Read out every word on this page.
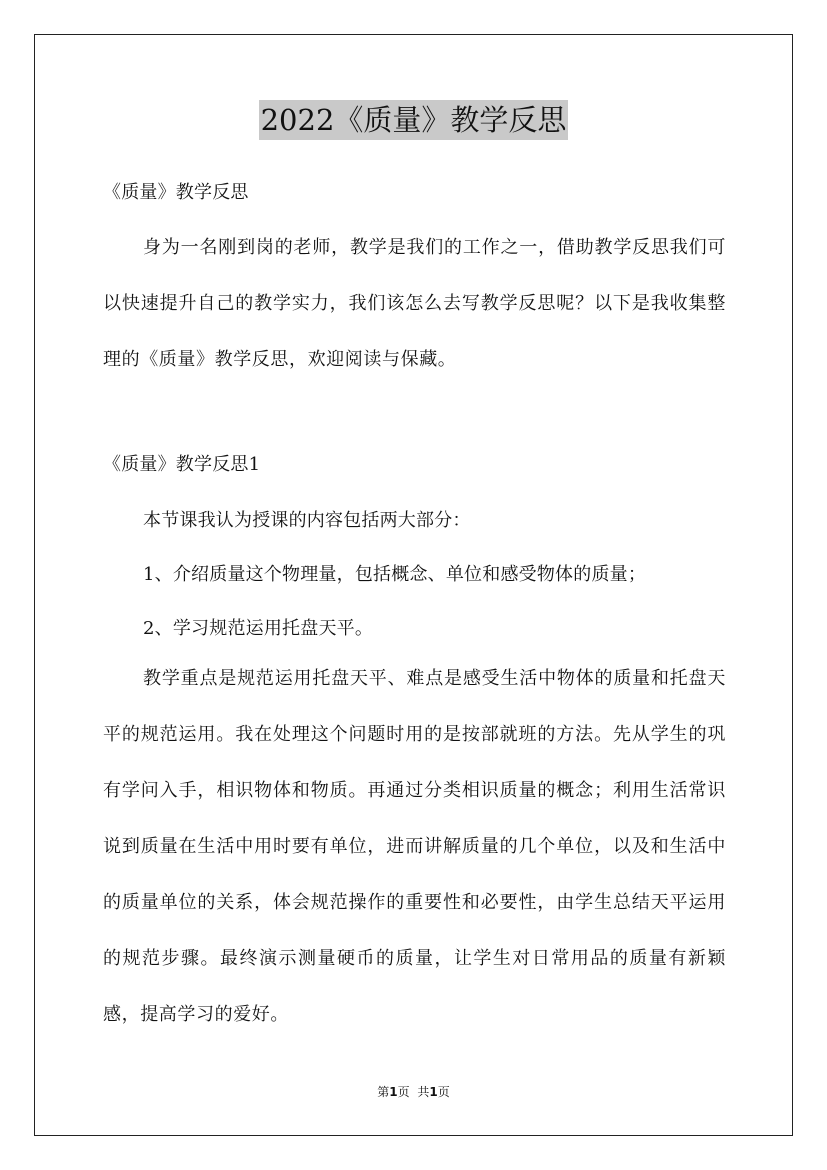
2022《质量》教学反思
《质量》教学反思
身为一名刚到岗的老师，教学是我们的工作之一，借助教学反思我们可以快速提升自己的教学实力，我们该怎么去写教学反思呢？以下是我收集整理的《质量》教学反思，欢迎阅读与保藏。
《质量》教学反思1
本节课我认为授课的内容包括两大部分：
1、介绍质量这个物理量，包括概念、单位和感受物体的质量；
2、学习规范运用托盘天平。
教学重点是规范运用托盘天平、难点是感受生活中物体的质量和托盘天平的规范运用。我在处理这个问题时用的是按部就班的方法。先从学生的巩有学问入手，相识物体和物质。再通过分类相识质量的概念；利用生活常识说到质量在生活中用时要有单位，进而讲解质量的几个单位，以及和生活中的质量单位的关系，体会规范操作的重要性和必要性，由学生总结天平运用的规范步骤。最终演示测量硬币的质量，让学生对日常用品的质量有新颖　感，提高学习的爱好。
第1页 共1页
